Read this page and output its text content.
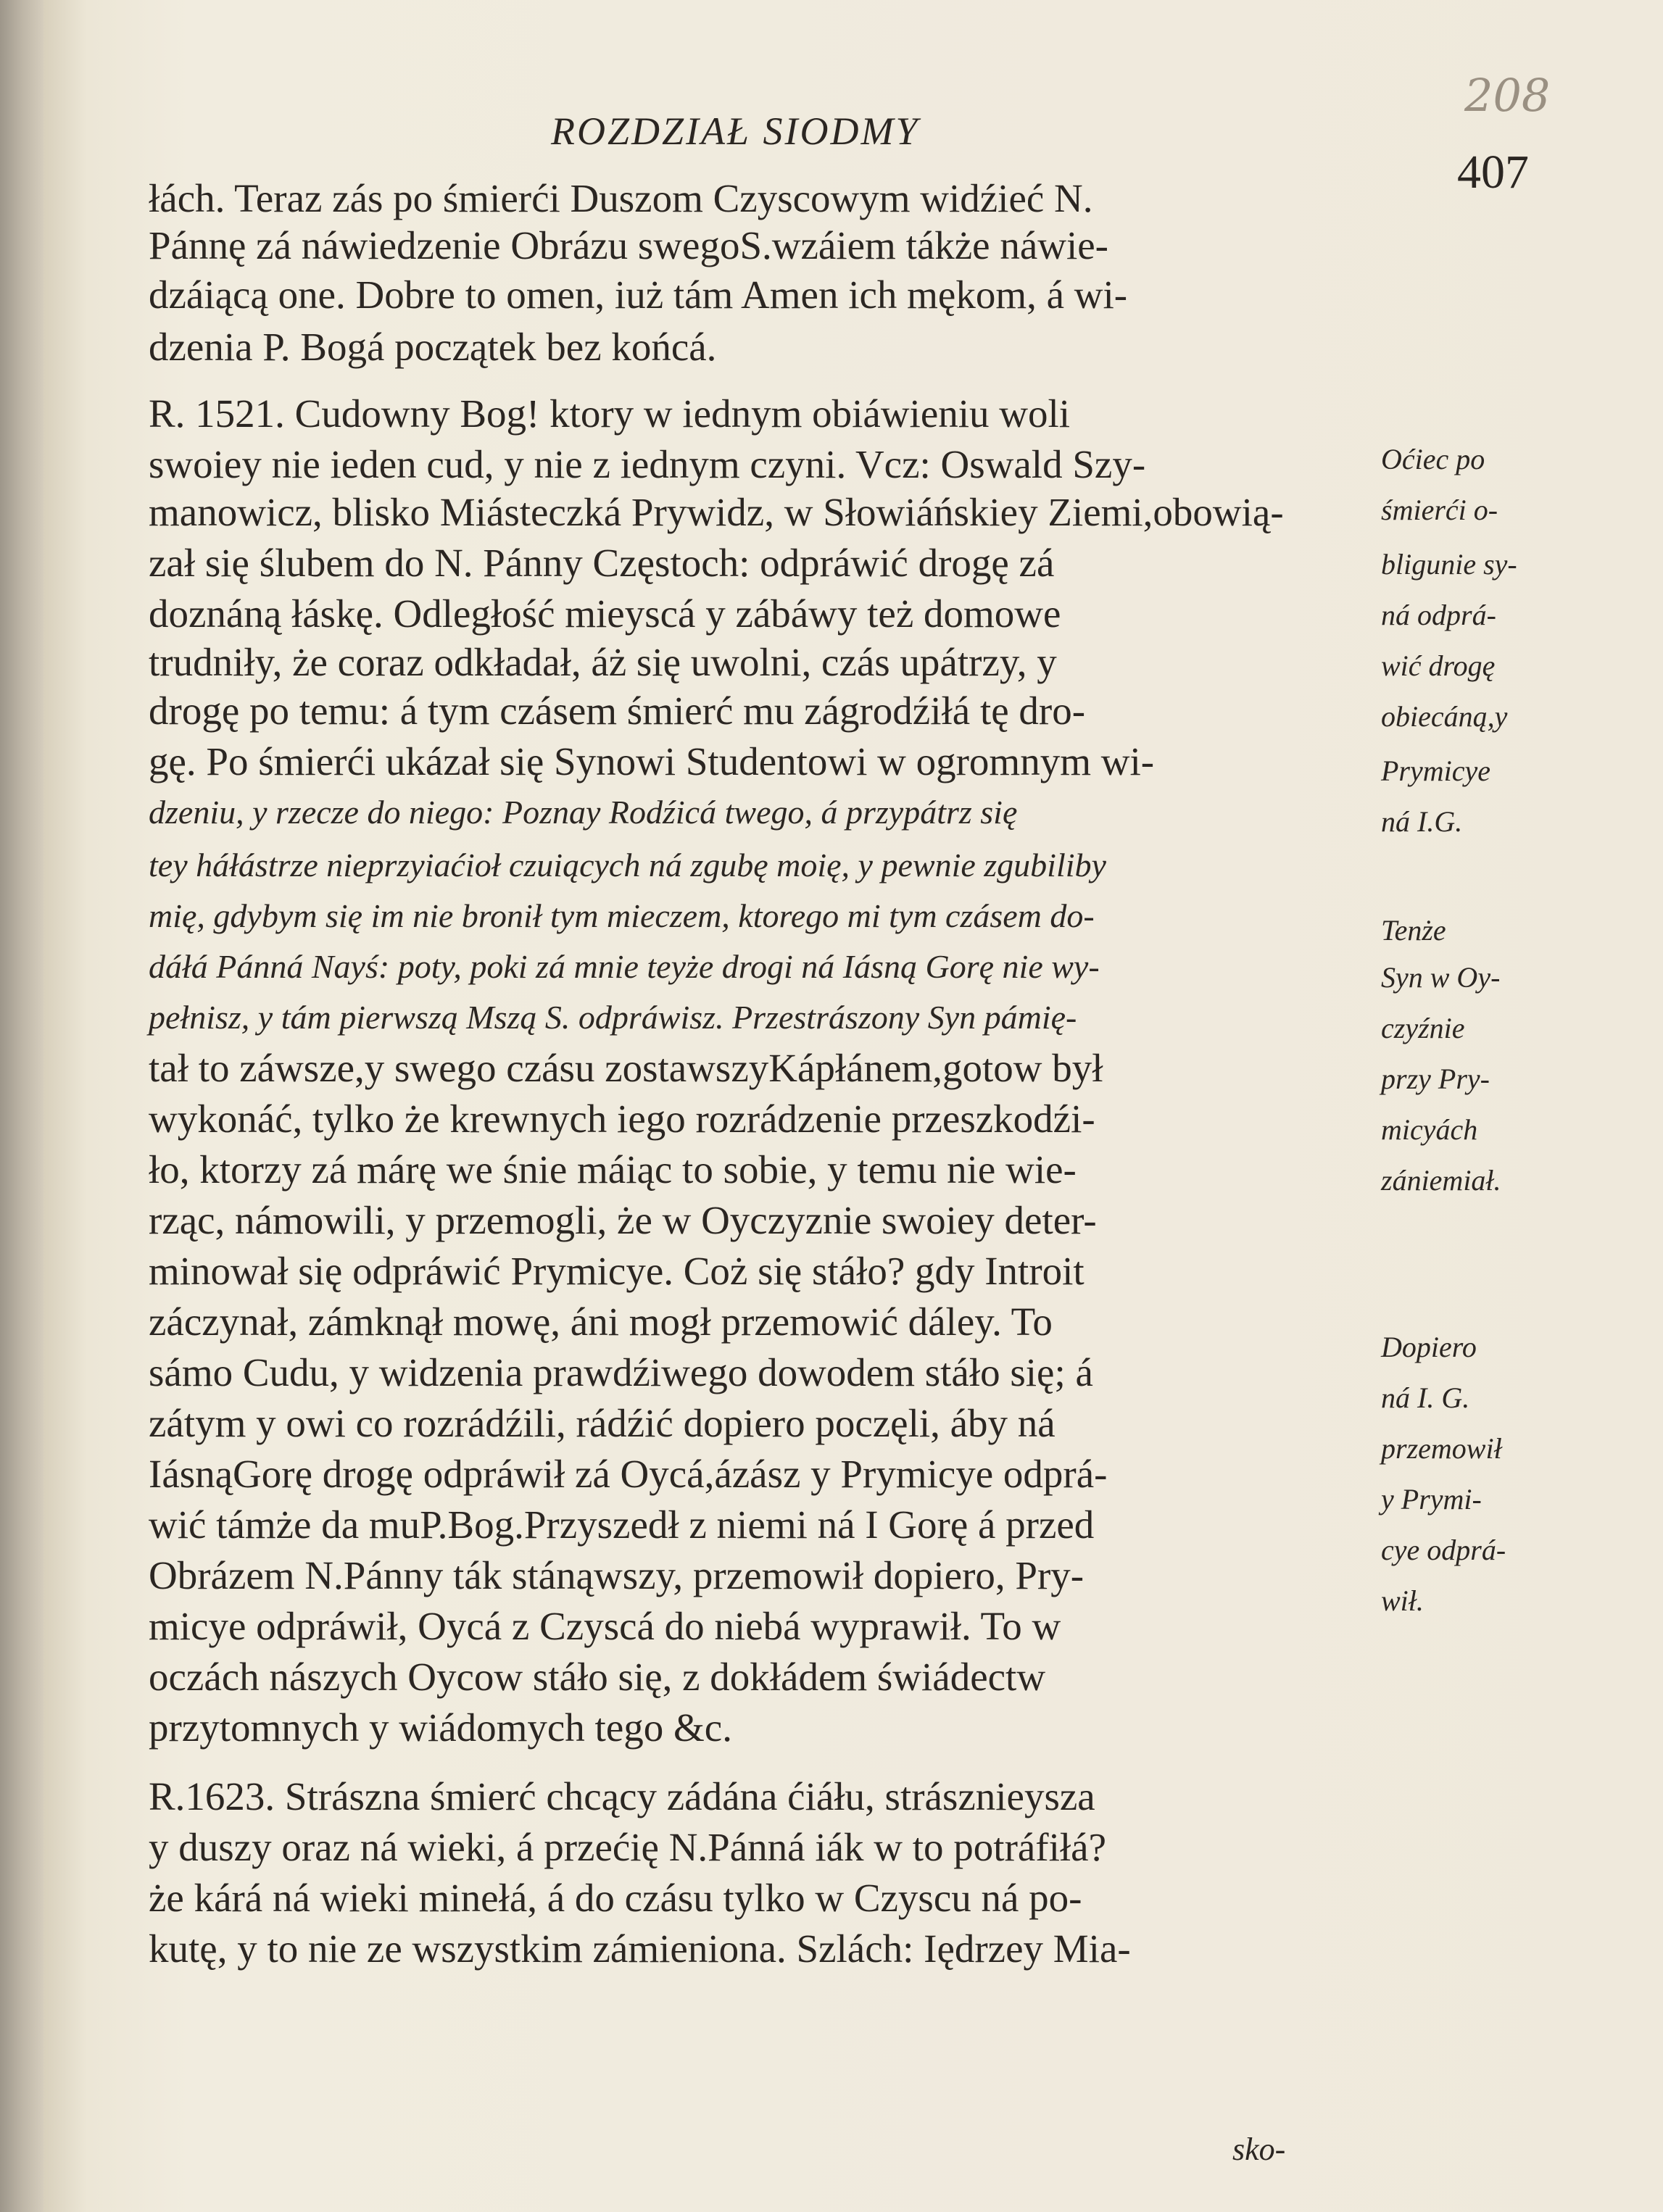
208
ROZDZIAŁ SIODMY
407
łách. Teraz zás po śmierći Duszom Czyscowym widźieć N.
Pánnę zá náwiedzenie Obrázu swegoS.wzáiem tákże náwie-
dzáiącą one. Dobre to omen, iuż tám Amen ich mękom, á wi-
dzenia P. Bogá początek bez końcá.
R. 1521. Cudowny Bog! ktory w iednym obiáwieniu woli
swoiey nie ieden cud, y nie z iednym czyni. Vcz: Oswald Szy-
manowicz, blisko Miásteczká Prywidz, w Słowiáńskiey Ziemi,obowią-
zał się ślubem do N. Pánny Częstoch: odpráwić drogę zá
doznáną łáskę. Odległość mieyscá y zábáwy też domowe
trudniły, że coraz odkładał, áż się uwolni, czás upátrzy, y
drogę po temu: á tym czásem śmierć mu zágrodźiłá tę dro-
gę. Po śmierći ukázał się Synowi Studentowi w ogromnym wi-
dzeniu, y rzecze do niego: Poznay Rodźicá twego, á przypátrz się
tey háłástrze nieprzyiaćioł czuiących ná zgubę moię, y pewnie zgubiliby
mię, gdybym się im nie bronił tym mieczem, ktorego mi tym czásem do-
dáłá Pánná Nayś: poty, poki zá mnie teyże drogi ná Iásną Gorę nie wy-
pełnisz, y tám pierwszą Mszą S. odpráwisz. Przestrászony Syn pámię-
tał to záwsze,y swego czásu zostawszyKápłánem,gotow był
wykonáć, tylko że krewnych iego rozrádzenie przeszkodźi-
ło, ktorzy zá márę we śnie máiąc to sobie, y temu nie wie-
rząc, námowili, y przemogli, że w Oyczyznie swoiey deter-
minował się odpráwić Prymicye. Coż się stáło? gdy Introit
záczynał, zámknął mowę, áni mogł przemowić dáley. To
sámo Cudu, y widzenia prawdźiwego dowodem stáło się; á
zátym y owi co rozrádźili, rádźić dopiero poczęli, áby ná
IásnąGorę drogę odpráwił zá Oycá,ázász y Prymicye odprá-
wić támże da muP.Bog.Przyszedł z niemi ná I Gorę á przed
Obrázem N.Pánny ták stánąwszy, przemowił dopiero, Pry-
micye odpráwił, Oycá z Czyscá do niebá wyprawił. To w
oczách nászych Oycow stáło się, z dokłádem świádectw
przytomnych y wiádomych tego &c.
R.1623. Strászna śmierć chcący zádána ćiáłu, strásznieysza
y duszy oraz ná wieki, á przećię N.Pánná iák w to potráfiłá?
że kárá ná wieki minełá, á do czásu tylko w Czyscu ná po-
kutę, y to nie ze wszystkim zámieniona. Szlách: Iędrzey Mia-
Oćiec po
śmierći o-
bligunie sy-
ná odprá-
wić drogę
obiecáną,y
Prymicye
ná I.G.
Tenże
Syn w Oy-
czyźnie
przy Pry-
micyách
zániemiał.
Dopiero
ná I. G.
przemowił
y Prymi-
cye odprá-
wił.
sko-
